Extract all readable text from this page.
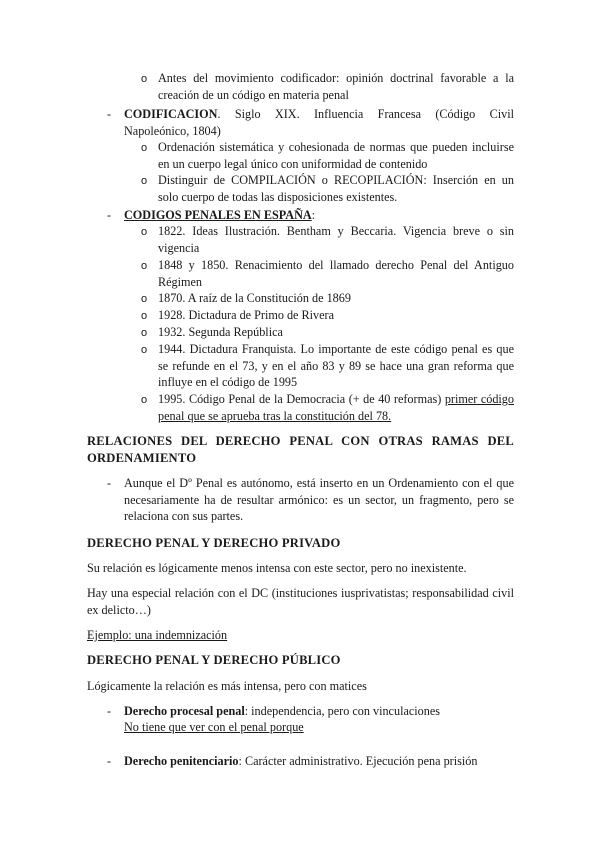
o Antes del movimiento codificador: opinión doctrinal favorable a la creación de un código en materia penal

- CODIFICACION. Siglo XIX. Influencia Francesa (Código Civil Napoleónico, 1804)

o Ordenación sistemática y cohesionada de normas que pueden incluirse en un cuerpo legal único con uniformidad de contenido

o Distinguir de COMPILACIÓN o RECOPILACIÓN: Inserción en un solo cuerpo de todas las disposiciones existentes.

- CODIGOS PENALES EN ESPAÑA:

o 1822. Ideas Ilustración. Bentham y Beccaria. Vigencia breve o sin vigencia

o 1848 y 1850. Renacimiento del llamado derecho Penal del Antiguo Régimen

o 1870. A raíz de la Constitución de 1869

o 1928. Dictadura de Primo de Rivera

o 1932. Segunda República

o 1944. Dictadura Franquista. Lo importante de este código penal es que se refunde en el 73, y en el año 83 y 89 se hace una gran reforma que influye en el código de 1995

o 1995. Código Penal de la Democracia (+ de 40 reformas) primer código penal que se aprueba tras la constitución del 78.

RELACIONES DEL DERECHO PENAL CON OTRAS RAMAS DEL ORDENAMIENTO

- Aunque el Dº Penal es autónomo, está inserto en un Ordenamiento con el que necesariamente ha de resultar armónico: es un sector, un fragmento, pero se relaciona con sus partes.

DERECHO PENAL Y DERECHO PRIVADO

Su relación es lógicamente menos intensa con este sector, pero no inexistente.

Hay una especial relación con el DC (instituciones iusprivatistas; responsabilidad civil ex delicto…)

Ejemplo: una indemnización

DERECHO PENAL Y DERECHO PÚBLICO

Lógicamente la relación es más intensa, pero con matices

- Derecho procesal penal: independencia, pero con vinculaciones

No tiene que ver con el penal porque

- Derecho penitenciario: Carácter administrativo. Ejecución pena prisión
